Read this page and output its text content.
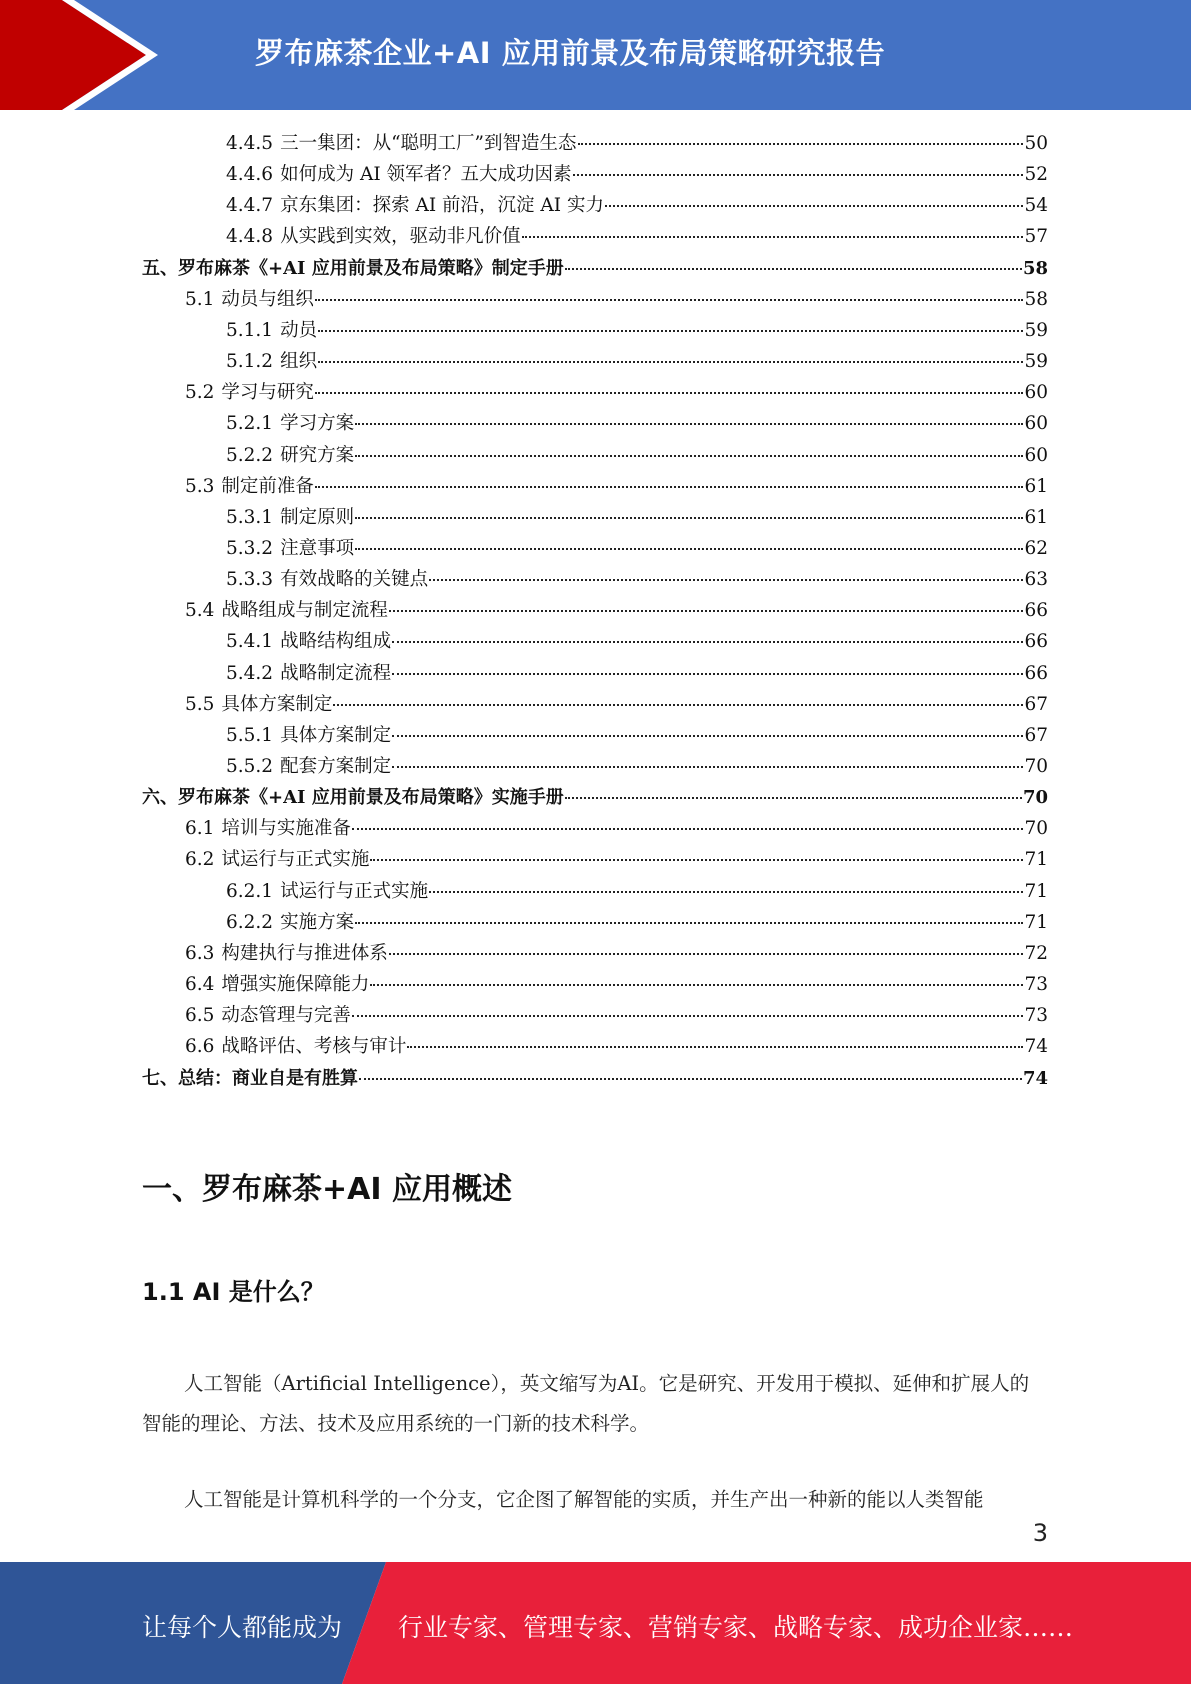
罗布麻茶企业+AI 应用前景及布局策略研究报告
4.4.5 三一集团：从“聪明工厂”到智造生态	50
4.4.6 如何成为 AI 领军者？五大成功因素	52
4.4.7 京东集团：探索 AI 前沿，沉淀 AI 实力	54
4.4.8 从实践到实效，驱动非凡价值	57
五、罗布麻茶《+AI 应用前景及布局策略》制定手册	58
5.1 动员与组织	58
5.1.1 动员	59
5.1.2 组织	59
5.2 学习与研究	60
5.2.1 学习方案	60
5.2.2 研究方案	60
5.3 制定前准备	61
5.3.1 制定原则	61
5.3.2 注意事项	62
5.3.3 有效战略的关键点	63
5.4 战略组成与制定流程	66
5.4.1 战略结构组成	66
5.4.2 战略制定流程	66
5.5 具体方案制定	67
5.5.1 具体方案制定	67
5.5.2 配套方案制定	70
六、罗布麻茶《+AI 应用前景及布局策略》实施手册	70
6.1 培训与实施准备	70
6.2 试运行与正式实施	71
6.2.1 试运行与正式实施	71
6.2.2 实施方案	71
6.3 构建执行与推进体系	72
6.4 增强实施保障能力	73
6.5 动态管理与完善	73
6.6 战略评估、考核与审计	74
七、总结：商业自是有胜算	74
一、罗布麻茶+AI 应用概述
1.1 AI 是什么？

人工智能（Artificial Intelligence），英文缩写为AI。它是研究、开发用于模拟、延伸和扩展人的智能的理论、方法、技术及应用系统的一门新的技术科学。

人工智能是计算机科学的一个分支，它企图了解智能的实质，并生产出一种新的能以人类智能

3
让每个人都能成为 行业专家、管理专家、营销专家、战略专家、成功企业家……
